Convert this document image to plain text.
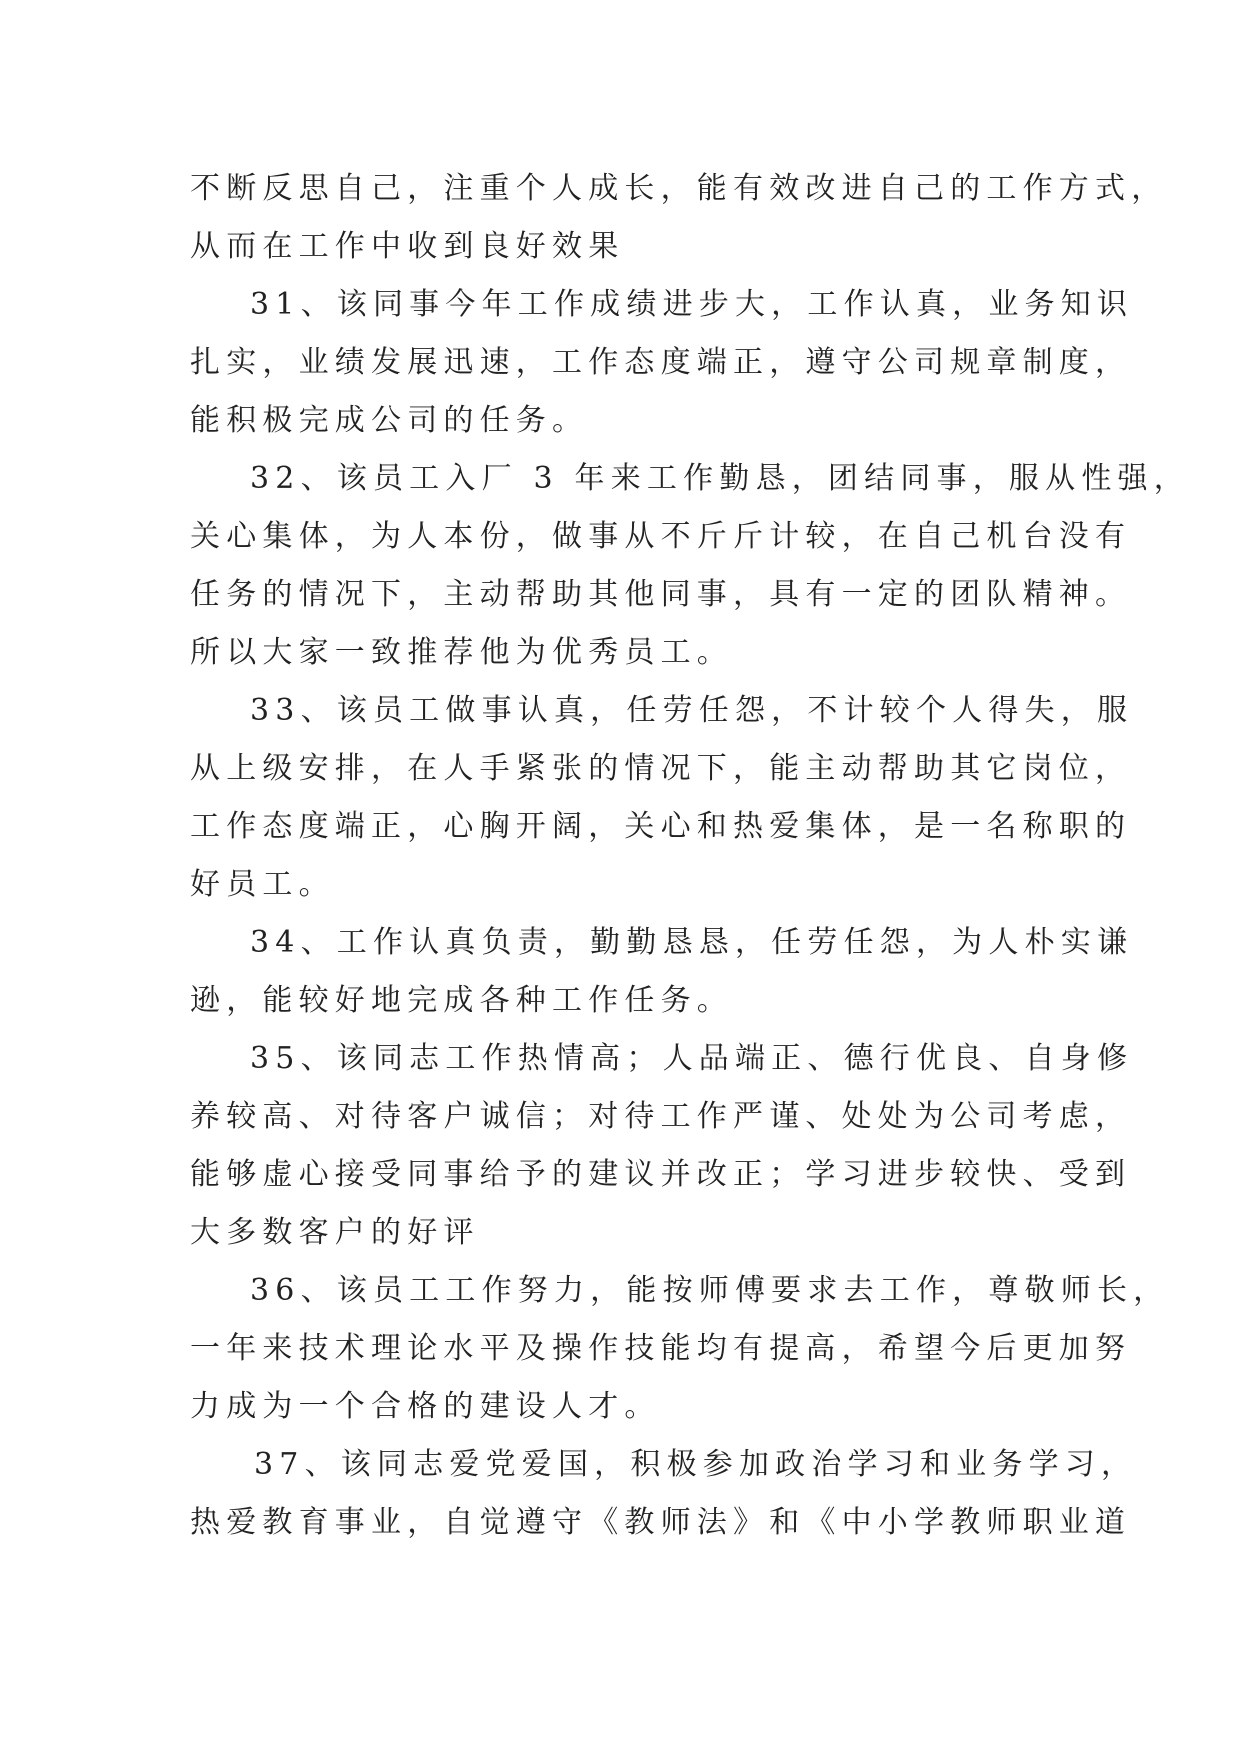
不断反思自己，注重个人成长，能有效改进自己的工作方式，
从而在工作中收到良好效果
31、该同事今年工作成绩进步大，工作认真，业务知识
扎实，业绩发展迅速，工作态度端正，遵守公司规章制度，
能积极完成公司的任务。
32、该员工入厂 3 年来工作勤恳，团结同事，服从性强，
关心集体，为人本份，做事从不斤斤计较，在自己机台没有
任务的情况下，主动帮助其他同事，具有一定的团队精神。
所以大家一致推荐他为优秀员工。
33、该员工做事认真，任劳任怨，不计较个人得失，服
从上级安排，在人手紧张的情况下，能主动帮助其它岗位，
工作态度端正，心胸开阔，关心和热爱集体，是一名称职的
好员工。
34、工作认真负责，勤勤恳恳，任劳任怨，为人朴实谦
逊，能较好地完成各种工作任务。
35、该同志工作热情高；人品端正、德行优良、自身修
养较高、对待客户诚信；对待工作严谨、处处为公司考虑，
能够虚心接受同事给予的建议并改正；学习进步较快、受到
大多数客户的好评
36、该员工工作努力，能按师傅要求去工作，尊敬师长，
一年来技术理论水平及操作技能均有提高，希望今后更加努
力成为一个合格的建设人才。
37、该同志爱党爱国，积极参加政治学习和业务学习，
热爱教育事业，自觉遵守《教师法》和《中小学教师职业道
